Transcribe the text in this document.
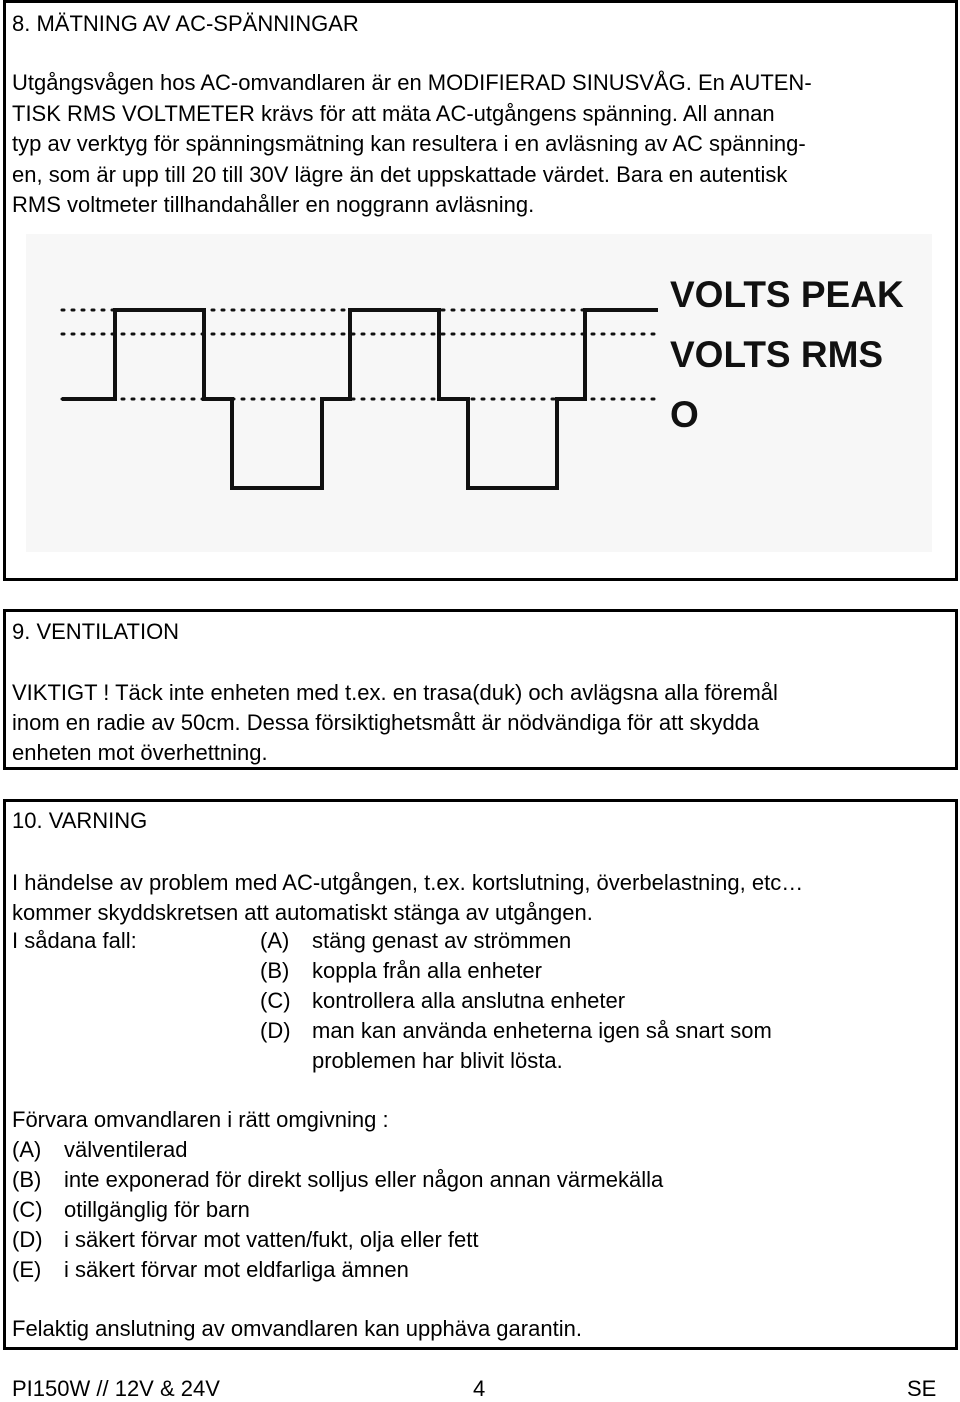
8. MÄTNING AV AC-SPÄNNINGAR
Utgångsvågen hos AC-omvandlaren är en MODIFIERAD SINUSVÅG. En AUTEN-
TISK RMS VOLTMETER krävs för att mäta AC-utgångens spänning. All annan
typ av verktyg för spänningsmätning kan resultera i en avläsning av AC spänning-
en, som är upp till 20 till 30V lägre än det uppskattade värdet. Bara en autentisk
RMS voltmeter tillhandahåller en noggrann avläsning.
VOLTS PEAK
VOLTS RMS
O
9. VENTILATION
VIKTIGT ! Täck inte enheten med t.ex. en trasa(duk) och avlägsna alla föremål
inom en radie av 50cm. Dessa försiktighetsmått är nödvändiga för att skydda
enheten mot överhettning.
10. VARNING
I händelse av problem med AC-utgången, t.ex. kortslutning, överbelastning, etc…
kommer skyddskretsen att automatiskt stänga av utgången.
I sådana fall:	(A) stäng genast av strömmen
(B) koppla från alla enheter
(C) kontrollera alla anslutna enheter
(D) man kan använda enheterna igen så snart som
problemen har blivit lösta.
Förvara omvandlaren i rätt omgivning :
(A) välventilerad
(B) inte exponerad för direkt solljus eller någon annan värmekälla
(C) otillgänglig för barn
(D) i säkert förvar mot vatten/fukt, olja eller fett
(E) i säkert förvar mot eldfarliga ämnen
Felaktig anslutning av omvandlaren kan upphäva garantin.
PI150W // 12V & 24V	4	SE
